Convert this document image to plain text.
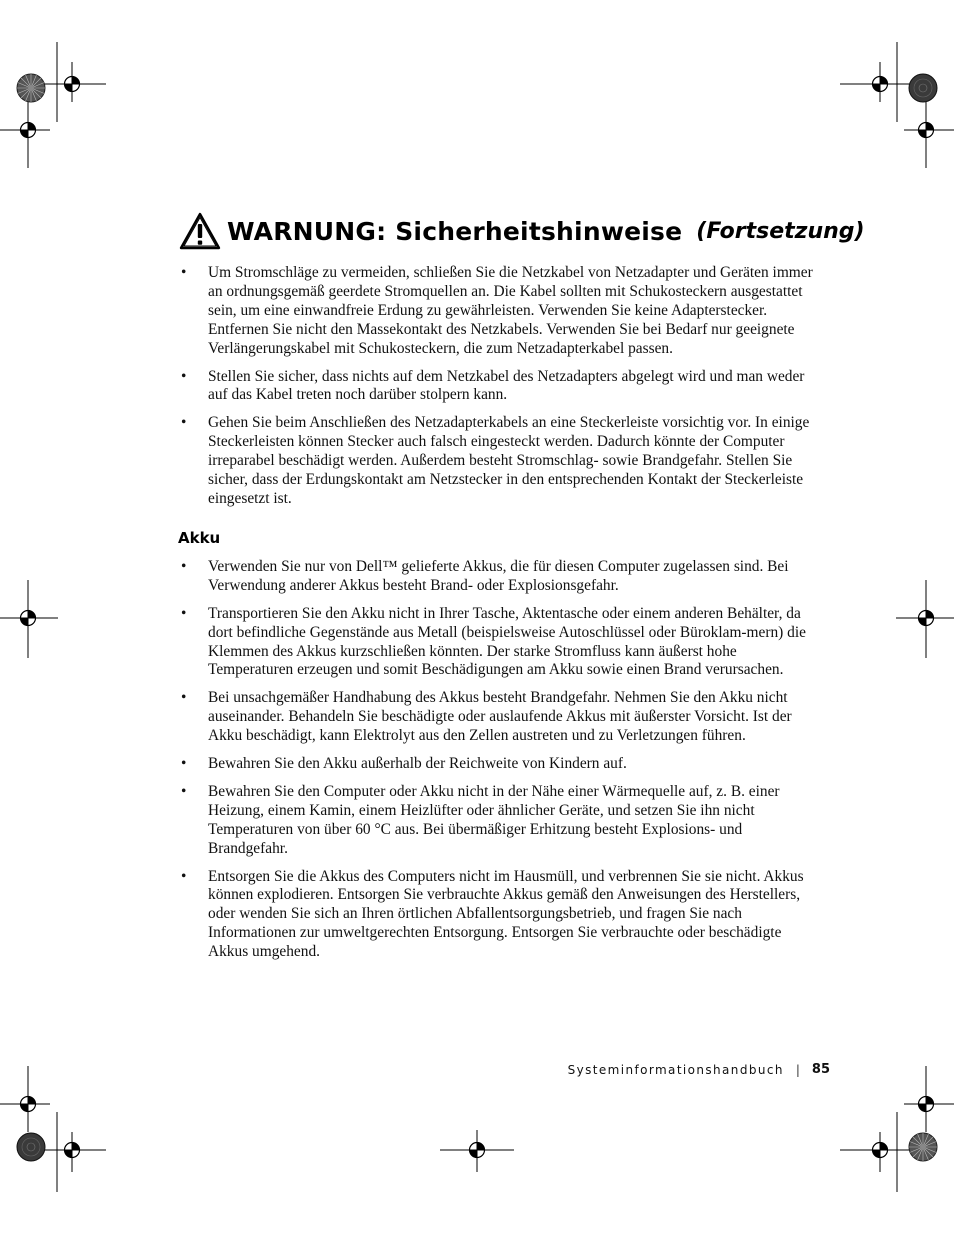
WARNUNG: Sicherheitshinweise (Fortsetzung)
• Um Stromschläge zu vermeiden, schließen Sie die Netzkabel von Netzadapter und Geräten immer an ordnungsgemäß geerdete Stromquellen an. Die Kabel sollten mit Schukosteckern ausgestattet sein, um eine einwandfreie Erdung zu gewährleisten. Verwenden Sie keine Adapterstecker. Entfernen Sie nicht den Massekontakt des Netzkabels. Verwenden Sie bei Bedarf nur geeignete Verlängerungskabel mit Schukosteckern, die zum Netzadapterkabel passen.
• Stellen Sie sicher, dass nichts auf dem Netzkabel des Netzadapters abgelegt wird und man weder auf das Kabel treten noch darüber stolpern kann.
• Gehen Sie beim Anschließen des Netzadapterkabels an eine Steckerleiste vorsichtig vor. In einige Steckerleisten können Stecker auch falsch eingesteckt werden. Dadurch könnte der Computer irreparabel beschädigt werden. Außerdem besteht Stromschlag- sowie Brandgefahr. Stellen Sie sicher, dass der Erdungskontakt am Netzstecker in den entsprechenden Kontakt der Steckerleiste eingesetzt ist.
Akku
• Verwenden Sie nur von Dell™ gelieferte Akkus, die für diesen Computer zugelassen sind. Bei Verwendung anderer Akkus besteht Brand- oder Explosionsgefahr.
• Transportieren Sie den Akku nicht in Ihrer Tasche, Aktentasche oder einem anderen Behälter, da dort befindliche Gegenstände aus Metall (beispielsweise Autoschlüssel oder Büroklam-mern) die Klemmen des Akkus kurzschließen könnten. Der starke Stromfluss kann äußerst hohe Temperaturen erzeugen und somit Beschädigungen am Akku sowie einen Brand verursachen.
• Bei unsachgemäßer Handhabung des Akkus besteht Brandgefahr. Nehmen Sie den Akku nicht auseinander. Behandeln Sie beschädigte oder auslaufende Akkus mit äußerster Vorsicht. Ist der Akku beschädigt, kann Elektrolyt aus den Zellen austreten und zu Verletzungen führen.
• Bewahren Sie den Akku außerhalb der Reichweite von Kindern auf.
• Bewahren Sie den Computer oder Akku nicht in der Nähe einer Wärmequelle auf, z. B. einer Heizung, einem Kamin, einem Heizlüfter oder ähnlicher Geräte, und setzen Sie ihn nicht Temperaturen von über 60 °C aus. Bei übermäßiger Erhitzung besteht Explosions- und Brandgefahr.
• Entsorgen Sie die Akkus des Computers nicht im Hausmüll, und verbrennen Sie sie nicht. Akkus können explodieren. Entsorgen Sie verbrauchte Akkus gemäß den Anweisungen des Herstellers, oder wenden Sie sich an Ihren örtlichen Abfallentsorgungsbetrieb, und fragen Sie nach Informationen zur umweltgerechten Entsorgung. Entsorgen Sie verbrauchte oder beschädigte Akkus umgehend.
Systeminformationshandbuch | 85
